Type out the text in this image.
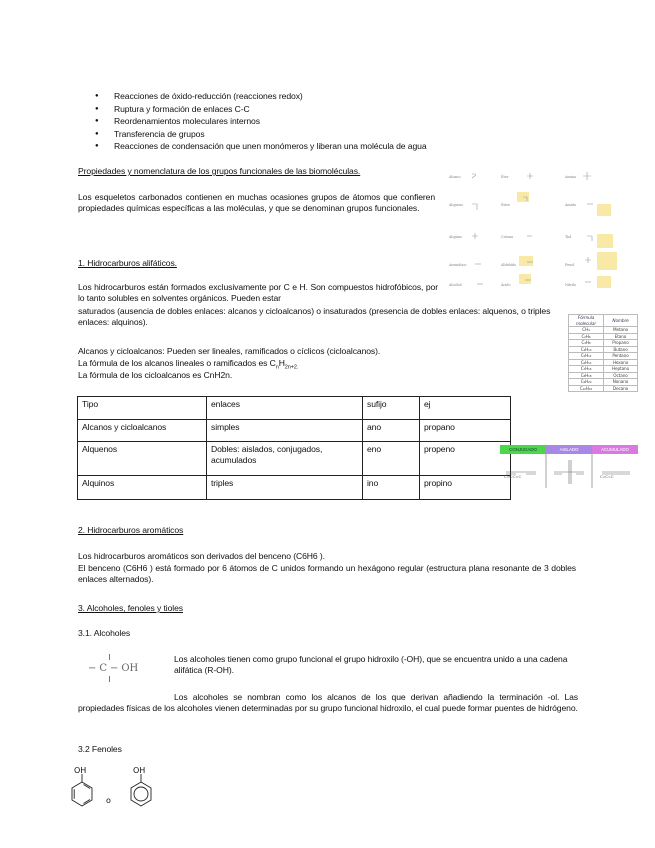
● Reacciones de óxido-reducción (reacciones redox)
● Ruptura y formación de enlaces C-C
● Reordenamientos moleculares internos
● Transferencia de grupos
● Reacciones de condensación que unen monómeros y liberan una molécula de agua
Propiedades y nomenclatura de los grupos funcionales de las biomoléculas.
Los esqueletos carbonados contienen en muchas ocasiones grupos de átomos que confieren propiedades químicas específicas a las moléculas, y que se denominan grupos funcionales.
Alcano	Éter	Amina
Alqueno	Éster	Amida
Alquino	Cetona	Tiol
Aromático	Aldehído	Fenol
Alcohol	Ácido	Nitrilo
1. Hidrocarburos alifáticos.
Los hidrocarburos están formados exclusivamente por C e H. Son compuestos hidrofóbicos, por lo tanto solubles en solventes orgánicos. Pueden estar
saturados (ausencia de dobles enlaces: alcanos y cicloalcanos) o insaturados (presencia de dobles enlaces: alquenos, o triples enlaces: alquinos).
Alcanos y cicloalcanos: Pueden ser lineales, ramificados o cíclicos (cicloalcanos).
La fórmula de los alcanos lineales o ramificados es $C_nH_{2n+2.}$
La fórmula de los cicloalcanos es CnH2n.
Fórmula molecular	Nombre
CH₄	Metano
C₂H₆	Etano
C₃H₈	Propano
C₄H₁₀	Butano
C₅H₁₂	Pentano
C₆H₁₄	Hexano
C₇H₁₆	Heptano
C₈H₁₈	Octano
C₉H₂₀	Nonano
C₁₀H₂₂	Decano
Tipo	enlaces	sufijo	ej
Alcanos y cicloalcanos	simples	ano	propano
Alquenos	Dobles: aislados, conjugados, acumulados	eno	propeno
Alquinos	triples	ino	propino
CONJUGADO	AISLADO	ACUMULADO
C=C-C=C	C=C=C
2. Hidrocarburos aromáticos
Los hidrocarburos aromáticos son derivados del benceno (C6H6 ).
El benceno (C6H6 ) está formado por 6 átomos de C unidos formando un hexágono regular (estructura plana resonante de 3 dobles enlaces alternados).
3. Alcoholes, fenoles y tioles
3.1. Alcoholes
− C − OH
Los alcoholes tienen como grupo funcional el grupo hidroxilo (-OH), que se encuentra unido a una cadena alifática (R-OH).
Los alcoholes se nombran como los alcanos de los que derivan añadiendo la terminación -ol. Las propiedades físicas de los alcoholes vienen determinadas por su grupo funcional hidroxilo, el cual puede formar puentes de hidrógeno.
3.2 Fenoles
OH	OH
o
